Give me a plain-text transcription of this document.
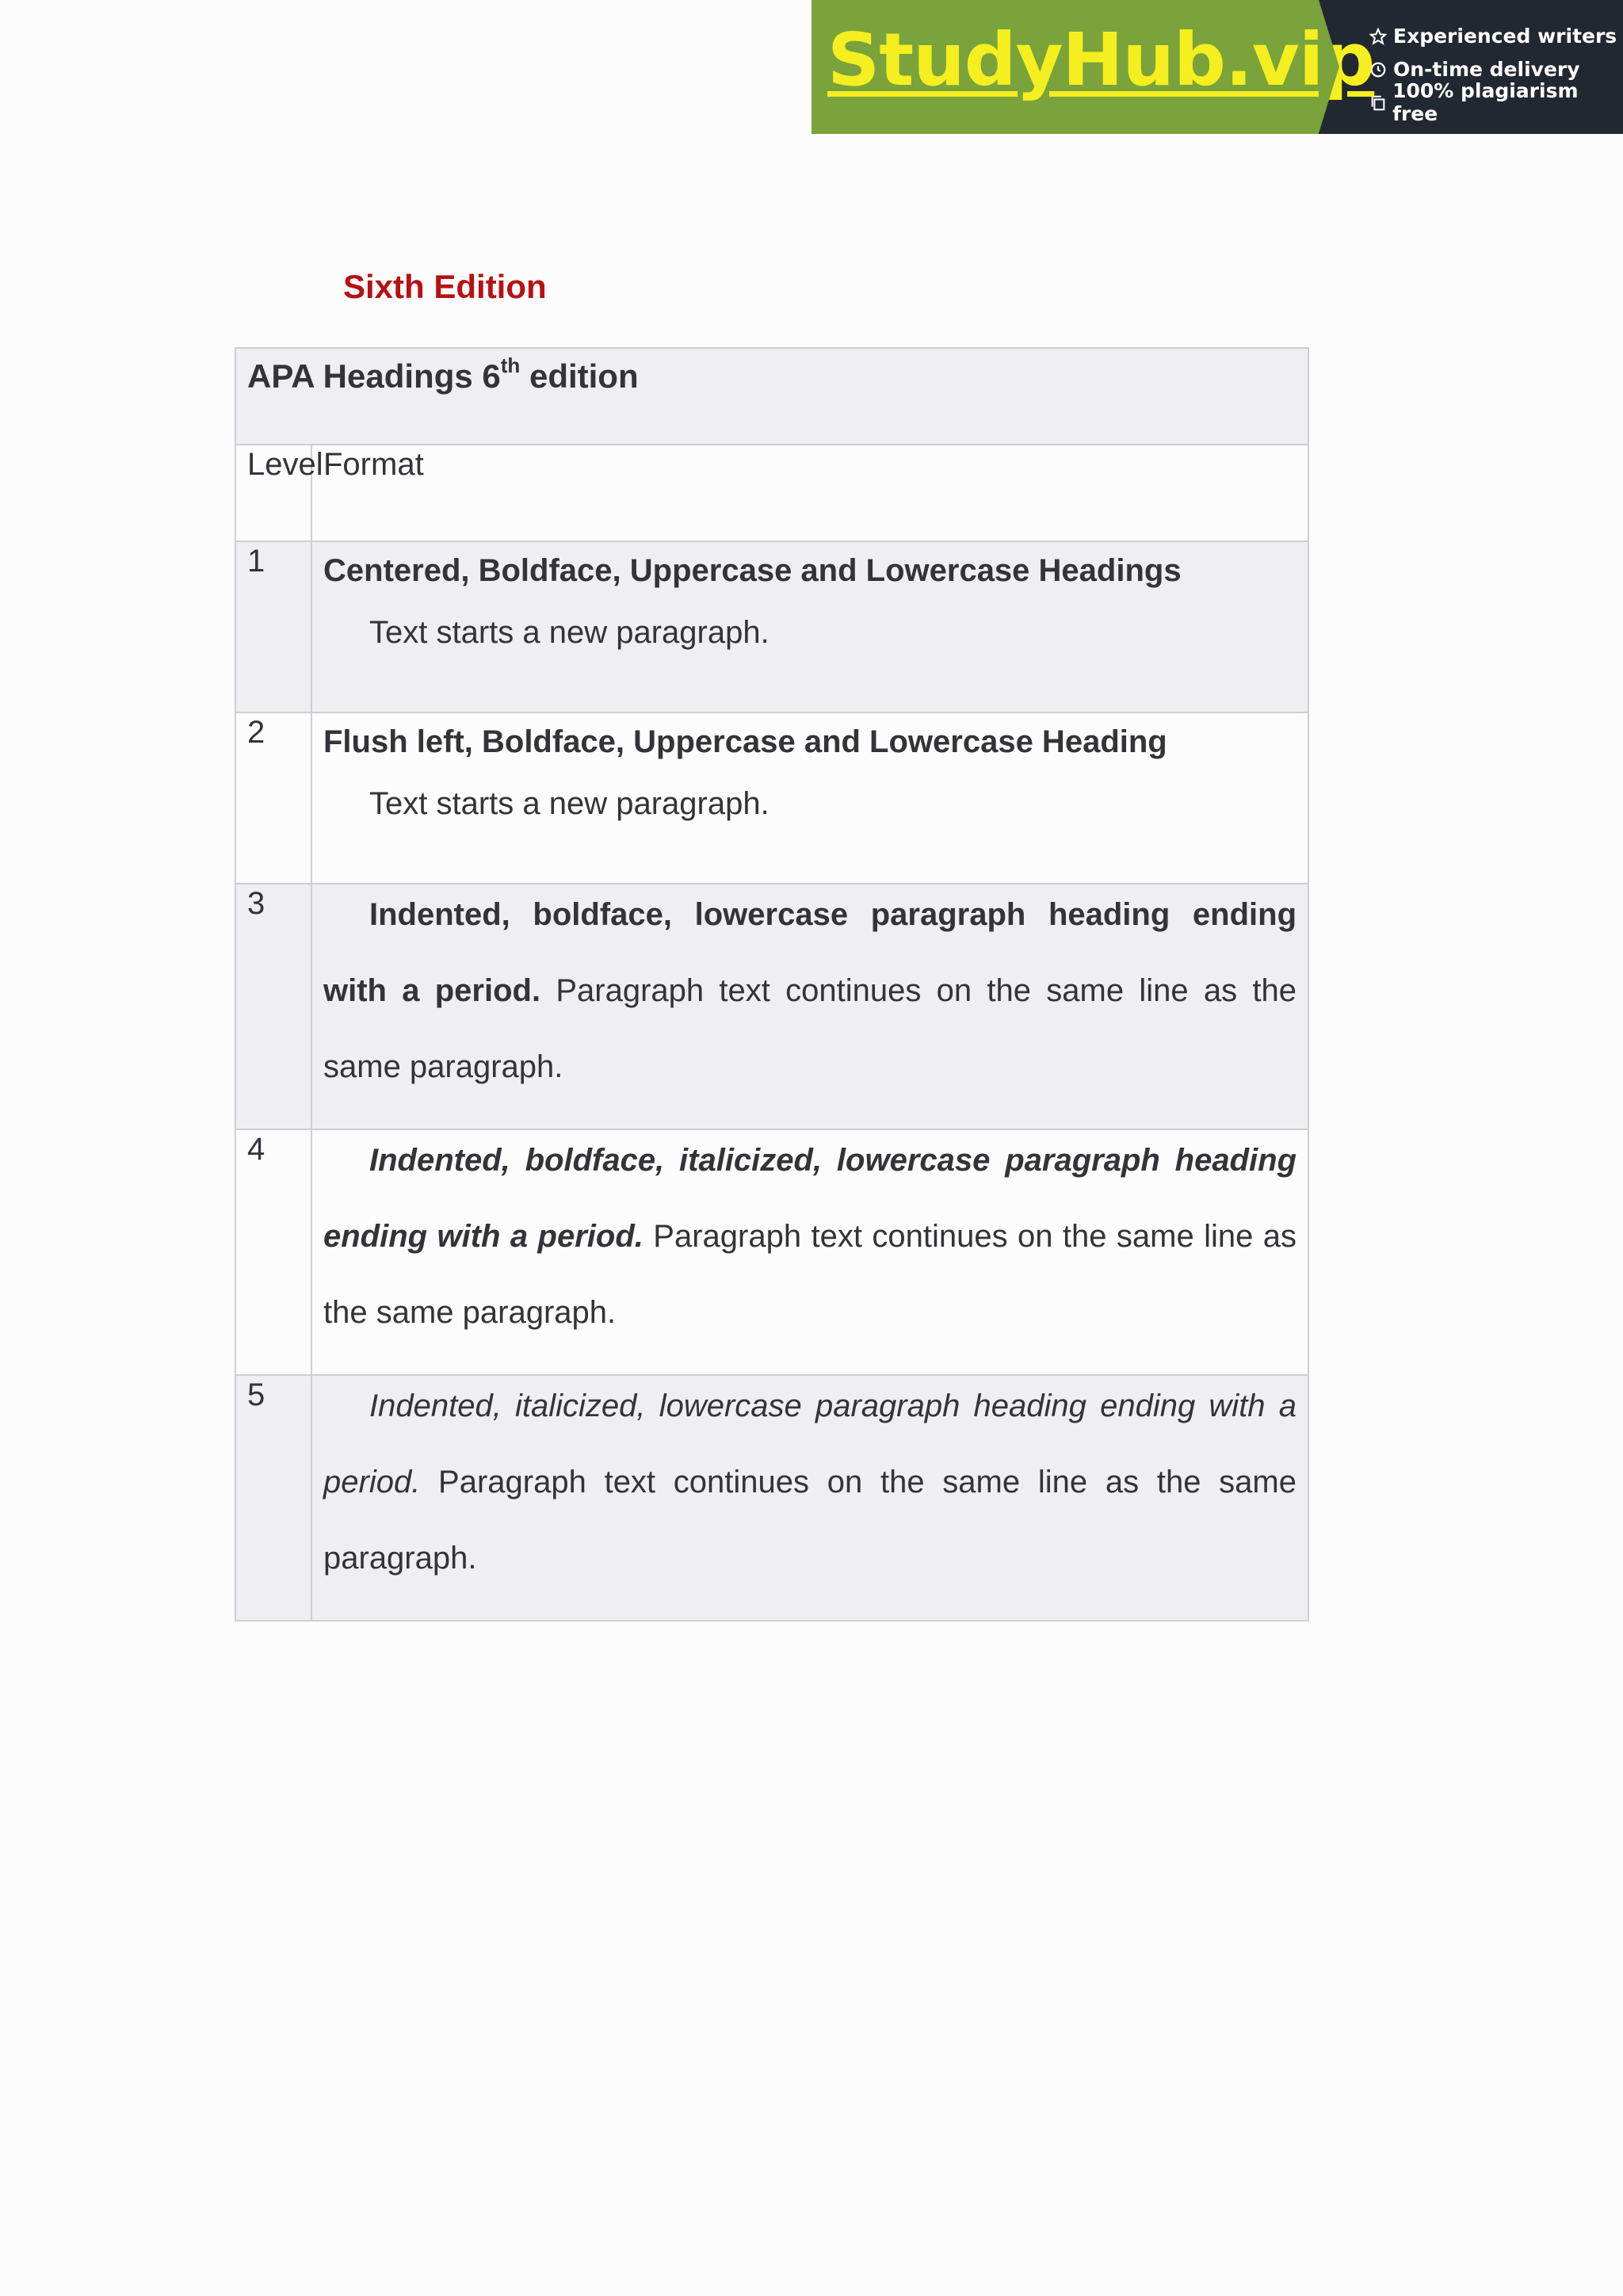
StudyHub.vip Experienced writers
On-time delivery
100% plagiarism free
Sixth Edition
APA Headings 6th edition	
Level	Format
1	Centered, Boldface, Uppercase and Lowercase Headings
Text starts a new paragraph.

2	Flush left, Boldface, Uppercase and Lowercase Heading
Text starts a new paragraph.

3	Indented, boldface, lowercase paragraph heading ending with a period. Paragraph text continues on the same line as the same paragraph.

4	Indented, boldface, italicized, lowercase paragraph heading ending with a period. Paragraph text continues on the same line as the same paragraph.

5	Indented, italicized, lowercase paragraph heading ending with a period. Paragraph text continues on the same line as the same paragraph.
